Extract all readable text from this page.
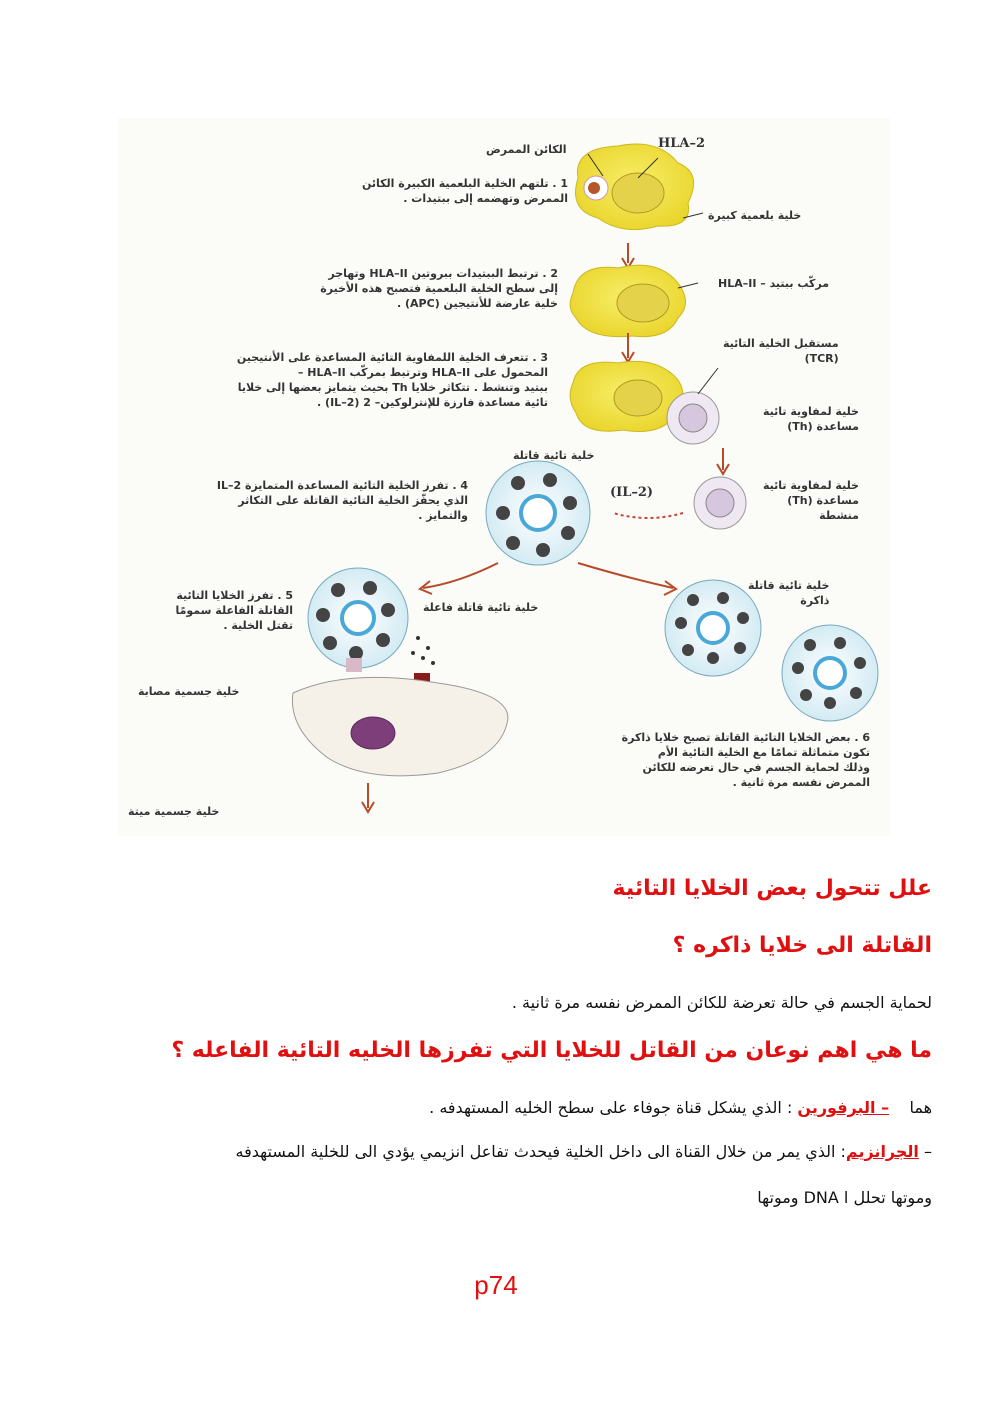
الكائن الممرض	HLA–2
1 . تلتهم الخلية البلعمية الكبيرة الكائن
الممرض وتهضمه إلى ببتيدات .
خلية بلعمية كبيرة
2 . ترتبط الببتيدات ببروتين HLA–II وتهاجر
إلى سطح الخلية البلعمية فتصبح هذه الأخيرة
خلية عارضة للأنتيجين (APC) .
مركّب ببتيد – HLA–II
مستقبل الخلية التائية
(TCR)
3 . تتعرف الخلية اللمفاوية التائية المساعدة على الأنتيجين
المحمول على HLA–II وترتبط بمركّب HLA–II –
ببتيد وتنشط . تتكاثر خلايا Th بحيث يتمايز بعضها إلى خلايا
تائية مساعدة فارزة للإنترلوكين– 2 (IL–2) .
خلية لمفاوية تائية
مساعدة (Th)
خلية تائية قاتلة
4 . تفرز الخلية التائية المساعدة المتمايزة IL–2
الذي يحفّز الخلية التائية القاتلة على التكاثر
والتمايز .
(IL–2)	خلية لمفاوية تائية
مساعدة (Th)
منشطة
خلية تائية قاتلة
ذاكرة
5 . تفرز الخلايا التائية
القاتلة الفاعلة سمومًا
تقتل الخلية .
خلية تائية قاتلة فاعلة
خلية جسمية مصابة
خلية جسمية ميتة
6 . بعض الخلايا التائية القاتلة تصبح خلايا ذاكرة
تكون متماثلة تمامًا مع الخلية التائية الأم
وذلك لحماية الجسم في حال تعرضه للكائن
الممرض نفسه مرة ثانية .
علل تتحول بعض الخلايا التائية
القاتلة الى خلايا ذاكره ؟
لحماية الجسم في حالة تعرضة للكائن الممرض نفسه مرة ثانية .
ما هي اهم نوعان من القاتل للخلايا التي تفرزها الخليه التائية الفاعله ؟
هما    – البرفورين : الذي يشكل قناة جوفاء على سطح الخليه المستهدفه .
– الجرانزيم: الذي يمر من خلال القناة الى داخل الخلية فيحدث تفاعل انزيمي يؤدي الى للخلية المستهدفه
وموتها تحلل ا DNA وموتها
p74
